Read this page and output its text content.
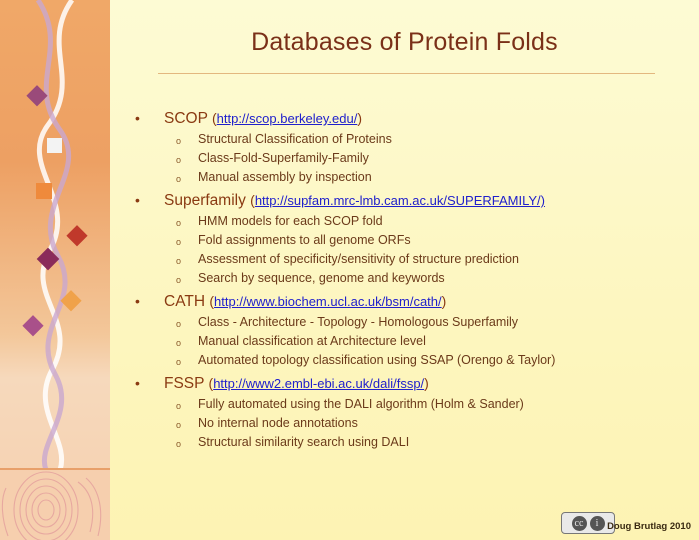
Databases of Protein Folds
• SCOP (http://scop.berkeley.edu/)
o Structural Classification of Proteins
o Class-Fold-Superfamily-Family
o Manual assembly by inspection
• Superfamily (http://supfam.mrc-lmb.cam.ac.uk/SUPERFAMILY/)
o HMM models for each SCOP fold
o Fold assignments to all genome ORFs
o Assessment of specificity/sensitivity of structure prediction
o Search by sequence, genome and keywords
• CATH (http://www.biochem.ucl.ac.uk/bsm/cath/)
o Class - Architecture - Topology - Homologous Superfamily
o Manual classification at Architecture level
o Automated topology classification using SSAP (Orengo & Taylor)
• FSSP (http://www2.embl-ebi.ac.uk/dali/fssp/)
o Fully automated using the DALI algorithm (Holm & Sander)
o No internal node annotations
o Structural similarity search using DALI
cc	i Doug Brutlag 2010
